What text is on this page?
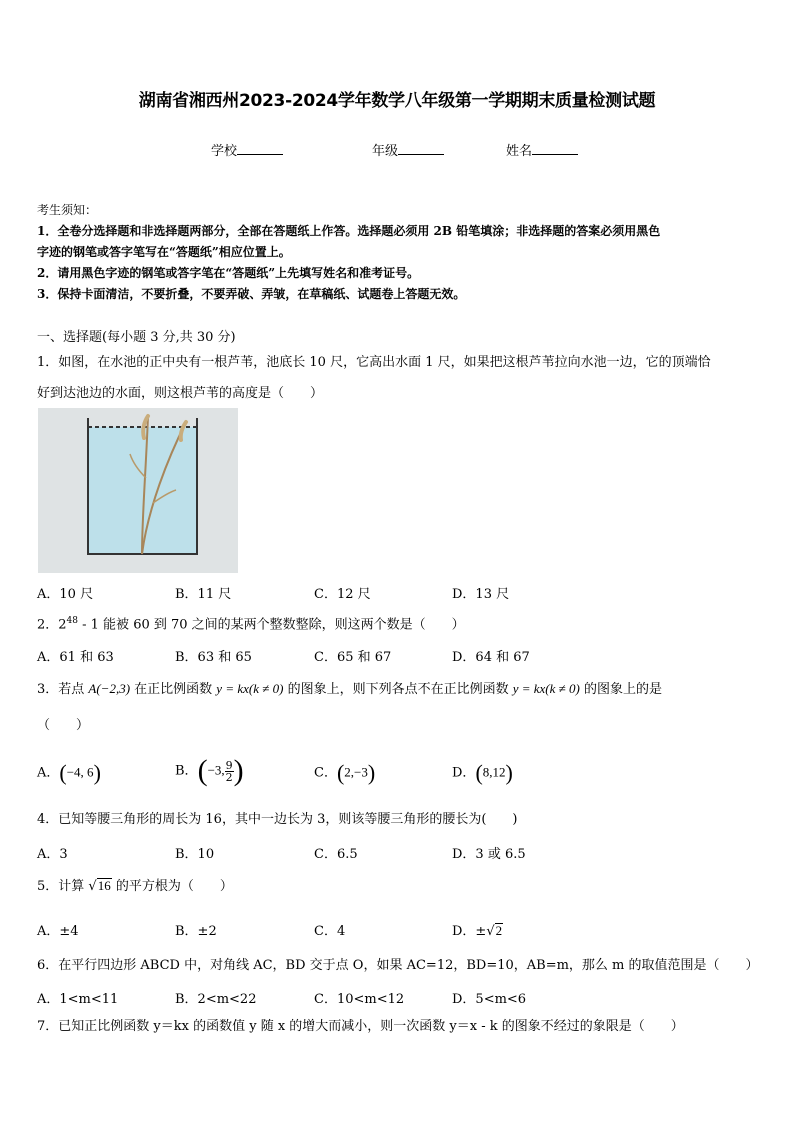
湖南省湘西州2023-2024学年数学八年级第一学期期末质量检测试题
学校	年级	姓名
考生须知：
1．全卷分选择题和非选择题两部分，全部在答题纸上作答。选择题必须用 2B 铅笔填涂；非选择题的答案必须用黑色
字迹的钢笔或答字笔写在“答题纸”相应位置上。
2．请用黑色字迹的钢笔或答字笔在“答题纸”上先填写姓名和准考证号。
3．保持卡面清洁，不要折叠，不要弄破、弄皱，在草稿纸、试题卷上答题无效。
一、选择题(每小题 3 分,共 30 分)
1．如图，在水池的正中央有一根芦苇，池底长 10 尺，它高出水面 1 尺，如果把这根芦苇拉向水池一边，它的顶端恰
好到达池边的水面，则这根芦苇的高度是（　　）
A．10 尺	B．11 尺	C．12 尺	D．13 尺
2．$2^{48} - 1$ 能被 60 到 70 之间的某两个整数整除，则这两个数是（　　）
A．61 和 63	B．63 和 65	C．65 和 67	D．64 和 67
3．若点 A(−2,3) 在正比例函数 y = kx(k ≠ 0) 的图象上，则下列各点不在正比例函数 y = kx(k ≠ 0) 的图象上的是
（　　）
A．(−4, 6)	B．(−3, $\frac{9}{2}$ )	C．(2,−3)	D．(8,12)
4．已知等腰三角形的周长为 16，其中一边长为 3，则该等腰三角形的腰长为(　　)
A．3	B．10	C．6.5	D．3 或 6.5
5．计算 √16 的平方根为（　　）
A．±4	B．±2	C．4	D．±√2
6．在平行四边形 ABCD 中，对角线 AC，BD 交于点 O，如果 AC=12，BD=10，AB=m，那么 m 的取值范围是（　　）
A．1<m<11	B．2<m<22	C．10<m<12	D．5<m<6
7．已知正比例函数 y＝kx 的函数值 y 随 x 的增大而减小，则一次函数 y＝x - k 的图象不经过的象限是（　　）
